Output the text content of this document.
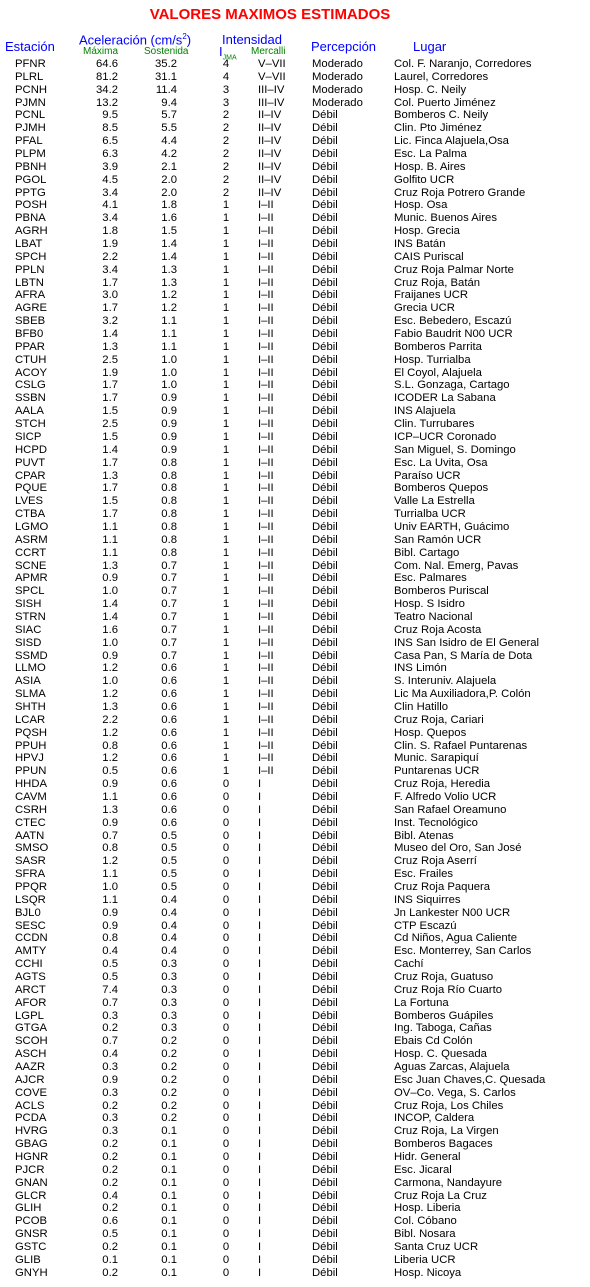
VALORES MAXIMOS ESTIMADOS
Estación Aceleración $(cm/s^2)$
Máxima	Sostenida
Intensidad
$I_{JMA}$
Mercalli Percepción	Lugar
PFNR	64.6	35.2	4	V–VII Moderado	Col. F. Naranjo, Corredores
PLRL	81.2	31.1	4	V–VII Moderado	Laurel, Corredores
PCNH	34.2	11.4	3	III–IV Moderado	Hosp. C. Neily
PJMN	13.2	9.4	3	III–IV Moderado	Col. Puerto Jiménez
PCNL	9.5	5.7	2	II–IV	Débil	Bomberos C. Neily
PJMH	8.5	5.5	2	II–IV	Débil	Clin. Pto Jiménez
PFAL	6.5	4.4	2	II–IV	Débil	Lic. Finca Alajuela,Osa
PLPM	6.3	4.2	2	II–IV	Débil	Esc. La Palma
PBNH	3.9	2.1	2	II–IV	Débil	Hosp. B. Aires
PGOL	4.5	2.0	2	II–IV	Débil	Golfito UCR
PPTG	3.4	2.0	2	II–IV	Débil	Cruz Roja Potrero Grande
POSH	4.1	1.8	1	I–II	Débil	Hosp. Osa
PBNA	3.4	1.6	1	I–II	Débil	Munic. Buenos Aires
AGRH	1.8	1.5	1	I–II	Débil	Hosp. Grecia
LBAT	1.9	1.4	1	I–II	Débil	INS Batán
SPCH	2.2	1.4	1	I–II	Débil	CAIS Puriscal
PPLN	3.4	1.3	1	I–II	Débil	Cruz Roja Palmar Norte
LBTN	1.7	1.3	1	I–II	Débil	Cruz Roja, Batán
AFRA	3.0	1.2	1	I–II	Débil	Fraijanes UCR
AGRE	1.7	1.2	1	I–II	Débil	Grecia UCR
SBEB	3.2	1.1	1	I–II	Débil	Esc. Bebedero, Escazú
BFB0	1.4	1.1	1	I–II	Débil	Fabio Baudrit N00 UCR
PPAR	1.3	1.1	1	I–II	Débil	Bomberos Parrita
CTUH	2.5	1.0	1	I–II	Débil	Hosp. Turrialba
ACOY	1.9	1.0	1	I–II	Débil	El Coyol, Alajuela
CSLG	1.7	1.0	1	I–II	Débil	S.L. Gonzaga, Cartago
SSBN	1.7	0.9	1	I–II	Débil	ICODER La Sabana
AALA	1.5	0.9	1	I–II	Débil	INS Alajuela
STCH	2.5	0.9	1	I–II	Débil	Clin. Turrubares
SICP	1.5	0.9	1	I–II	Débil	ICP–UCR Coronado
HCPD	1.4	0.9	1	I–II	Débil	San Miguel, S. Domingo
PUVT	1.7	0.8	1	I–II	Débil	Esc. La Uvita, Osa
CPAR	1.3	0.8	1	I–II	Débil	Paraíso UCR
PQUE	1.7	0.8	1	I–II	Débil	Bomberos Quepos
LVES	1.5	0.8	1	I–II	Débil	Valle La Estrella
CTBA	1.7	0.8	1	I–II	Débil	Turrialba UCR
LGMO	1.1	0.8	1	I–II	Débil	Univ EARTH, Guácimo
ASRM	1.1	0.8	1	I–II	Débil	San Ramón UCR
CCRT	1.1	0.8	1	I–II	Débil	Bibl. Cartago
SCNE	1.3	0.7	1	I–II	Débil	Com. Nal. Emerg, Pavas
APMR	0.9	0.7	1	I–II	Débil	Esc. Palmares
SPCL	1.0	0.7	1	I–II	Débil	Bomberos Puriscal
SISH	1.4	0.7	1	I–II	Débil	Hosp. S Isidro
STRN	1.4	0.7	1	I–II	Débil	Teatro Nacional
SIAC	1.6	0.7	1	I–II	Débil	Cruz Roja Acosta
SISD	1.0	0.7	1	I–II	Débil	INS San Isidro de El General
SSMD	0.9	0.7	1	I–II	Débil	Casa Pan, S María de Dota
LLMO	1.2	0.6	1	I–II	Débil	INS Limón
ASIA	1.0	0.6	1	I–II	Débil	S. Interuniv. Alajuela
SLMA	1.2	0.6	1	I–II	Débil	Lic Ma Auxiliadora,P. Colón
SHTH	1.3	0.6	1	I–II	Débil	Clin Hatillo
LCAR	2.2	0.6	1	I–II	Débil	Cruz Roja, Cariari
PQSH	1.2	0.6	1	I–II	Débil	Hosp. Quepos
PPUH	0.8	0.6	1	I–II	Débil	Clin. S. Rafael Puntarenas
HPVJ	1.2	0.6	1	I–II	Débil	Munic. Sarapiquí
PPUN	0.5	0.6	1	I–II	Débil	Puntarenas UCR
HHDA	0.9	0.6	0	I	Débil	Cruz Roja, Heredia
CAVM	1.1	0.6	0	I	Débil	F. Alfredo Volio UCR
CSRH	1.3	0.6	0	I	Débil	San Rafael Oreamuno
CTEC	0.9	0.6	0	I	Débil	Inst. Tecnológico
AATN	0.7	0.5	0	I	Débil	Bibl. Atenas
SMSO	0.8	0.5	0	I	Débil	Museo del Oro, San José
SASR	1.2	0.5	0	I	Débil	Cruz Roja Aserrí
SFRA	1.1	0.5	0	I	Débil	Esc. Frailes
PPQR	1.0	0.5	0	I	Débil	Cruz Roja Paquera
LSQR	1.1	0.4	0	I	Débil	INS Siquirres
BJL0	0.9	0.4	0	I	Débil	Jn Lankester N00 UCR
SESC	0.9	0.4	0	I	Débil	CTP Escazú
CCDN	0.8	0.4	0	I	Débil	Cd Niños, Agua Caliente
AMTY	0.4	0.4	0	I	Débil	Esc. Monterrey, San Carlos
CCHI	0.5	0.3	0	I	Débil	Cachí
AGTS	0.5	0.3	0	I	Débil	Cruz Roja, Guatuso
ARCT	7.4	0.3	0	I	Débil	Cruz Roja Río Cuarto
AFOR	0.7	0.3	0	I	Débil	La Fortuna
LGPL	0.3	0.3	0	I	Débil	Bomberos Guápiles
GTGA	0.2	0.3	0	I	Débil	Ing. Taboga, Cañas
SCOH	0.7	0.2	0	I	Débil	Ebais Cd Colón
ASCH	0.4	0.2	0	I	Débil	Hosp. C. Quesada
AAZR	0.3	0.2	0	I	Débil	Aguas Zarcas, Alajuela
AJCR	0.9	0.2	0	I	Débil	Esc Juan Chaves,C. Quesada
COVE	0.3	0.2	0	I	Débil	OV–Co. Vega, S. Carlos
ACLS	0.2	0.2	0	I	Débil	Cruz Roja, Los Chiles
PCDA	0.3	0.2	0	I	Débil	INCOP, Caldera
HVRG	0.3	0.1	0	I	Débil	Cruz Roja, La Virgen
GBAG	0.2	0.1	0	I	Débil	Bomberos Bagaces
HGNR	0.2	0.1	0	I	Débil	Hidr. General
PJCR	0.2	0.1	0	I	Débil	Esc. Jicaral
GNAN	0.2	0.1	0	I	Débil	Carmona, Nandayure
GLCR	0.4	0.1	0	I	Débil	Cruz Roja La Cruz
GLIH	0.2	0.1	0	I	Débil	Hosp. Liberia
PCOB	0.6	0.1	0	I	Débil	Col. Cóbano
GNSR	0.5	0.1	0	I	Débil	Bibl. Nosara
GSTC	0.2	0.1	0	I	Débil	Santa Cruz UCR
GLIB	0.1	0.1	0	I	Débil	Liberia UCR
GNYH	0.2	0.1	0	I	Débil	Hosp. Nicoya
